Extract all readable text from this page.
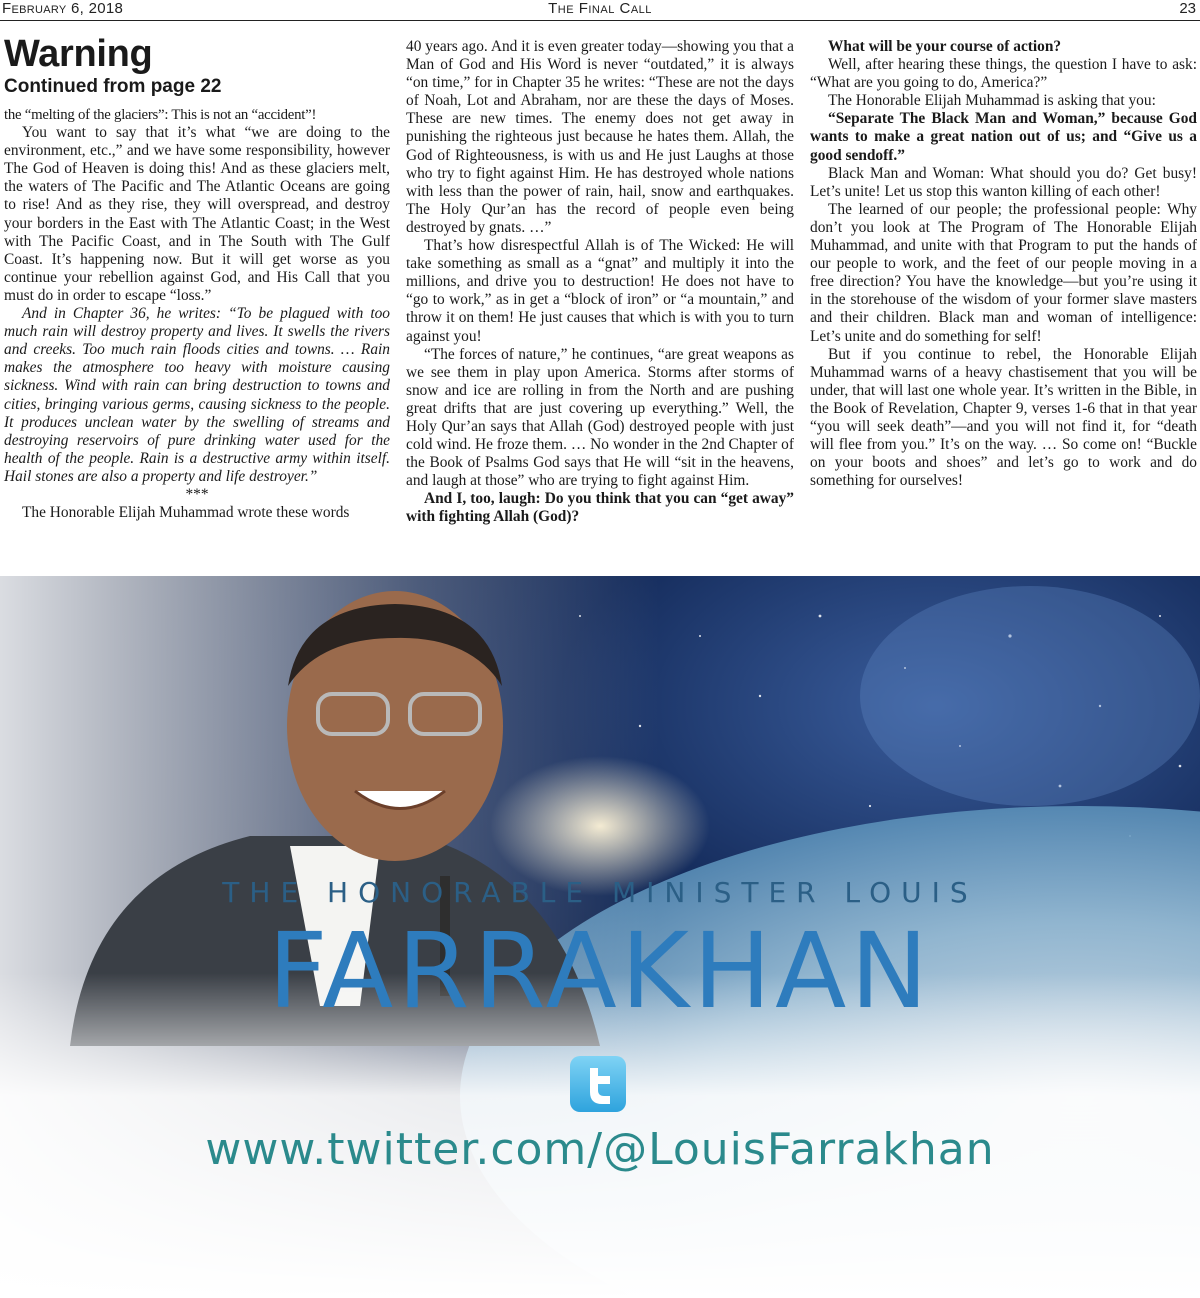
February 6, 2018	The Final Call	23
Warning
Continued from page 22

the “melting of the glaciers”: This is not an “accident”!

You want to say that it’s what “we are doing to the environment, etc.,” and we have some responsibility, however The God of Heaven is doing this! And as these glaciers melt, the waters of The Pacific and The Atlantic Oceans are going to rise! And as they rise, they will overspread, and destroy your borders in the East with The Atlantic Coast; in the West with The Pacific Coast, and in The South with The Gulf Coast. It’s happening now. But it will get worse as you continue your rebellion against God, and His Call that you must do in order to escape “loss.”

And in Chapter 36, he writes: “To be plagued with too much rain will destroy property and lives. It swells the rivers and creeks. Too much rain floods cities and towns. … Rain makes the atmosphere too heavy with moisture causing sickness. Wind with rain can bring destruction to towns and cities, bringing various germs, causing sickness to the people. It produces unclean water by the swelling of streams and destroying reservoirs of pure drinking water used for the health of the people. Rain is a destructive army within itself. Hail stones are also a property and life destroyer.”

***

The Honorable Elijah Muhammad wrote these words

40 years ago. And it is even greater today—showing you that a Man of God and His Word is never “outdated,” it is always “on time,” for in Chapter 35 he writes: “These are not the days of Noah, Lot and Abraham, nor are these the days of Moses. These are new times. The enemy does not get away in punishing the righteous just because he hates them. Allah, the God of Righteousness, is with us and He just Laughs at those who try to fight against Him. He has destroyed whole nations with less than the power of rain, hail, snow and earthquakes. The Holy Qur’an has the record of people even being destroyed by gnats. …”

That’s how disrespectful Allah is of The Wicked: He will take something as small as a “gnat” and multiply it into the millions, and drive you to destruction! He does not have to “go to work,” as in get a “block of iron” or “a mountain,” and throw it on them! He just causes that which is with you to turn against you!

“The forces of nature,” he continues, “are great weapons as we see them in play upon America. Storms after storms of snow and ice are rolling in from the North and are pushing great drifts that are just covering up everything.” Well, the Holy Qur’an says that Allah (God) destroyed people with just cold wind. He froze them. … No wonder in the 2nd Chapter of the Book of Psalms God says that He will “sit in the heavens, and laugh at those” who are trying to fight against Him.

And I, too, laugh: Do you think that you can “get away” with fighting Allah (God)?

What will be your course of action?

Well, after hearing these things, the question I have to ask: “What are you going to do, America?”

The Honorable Elijah Muhammad is asking that you:

“Separate The Black Man and Woman,” because God wants to make a great nation out of us; and “Give us a good sendoff.”

Black Man and Woman: What should you do? Get busy! Let’s unite! Let us stop this wanton killing of each other!

The learned of our people; the professional people: Why don’t you look at The Program of The Honorable Elijah Muhammad, and unite with that Program to put the hands of our people to work, and the feet of our people moving in a free direction? You have the knowledge—but you’re using it in the storehouse of the wisdom of your former slave masters and their children. Black man and woman of intelligence: Let’s unite and do something for self!

But if you continue to rebel, the Honorable Elijah Muhammad warns of a heavy chastisement that you will be under, that will last one whole year. It’s written in the Bible, in the Book of Revelation, Chapter 9, verses 1-6 that in that year “you will seek death”—and you will not find it, for “death will flee from you.” It’s on the way. … So come on! “Buckle on your boots and shoes” and let’s go to work and do something for ourselves!

THE HONORABLE MINISTER LOUIS
FARRAKHAN
www.twitter.com/@LouisFarrakhan
